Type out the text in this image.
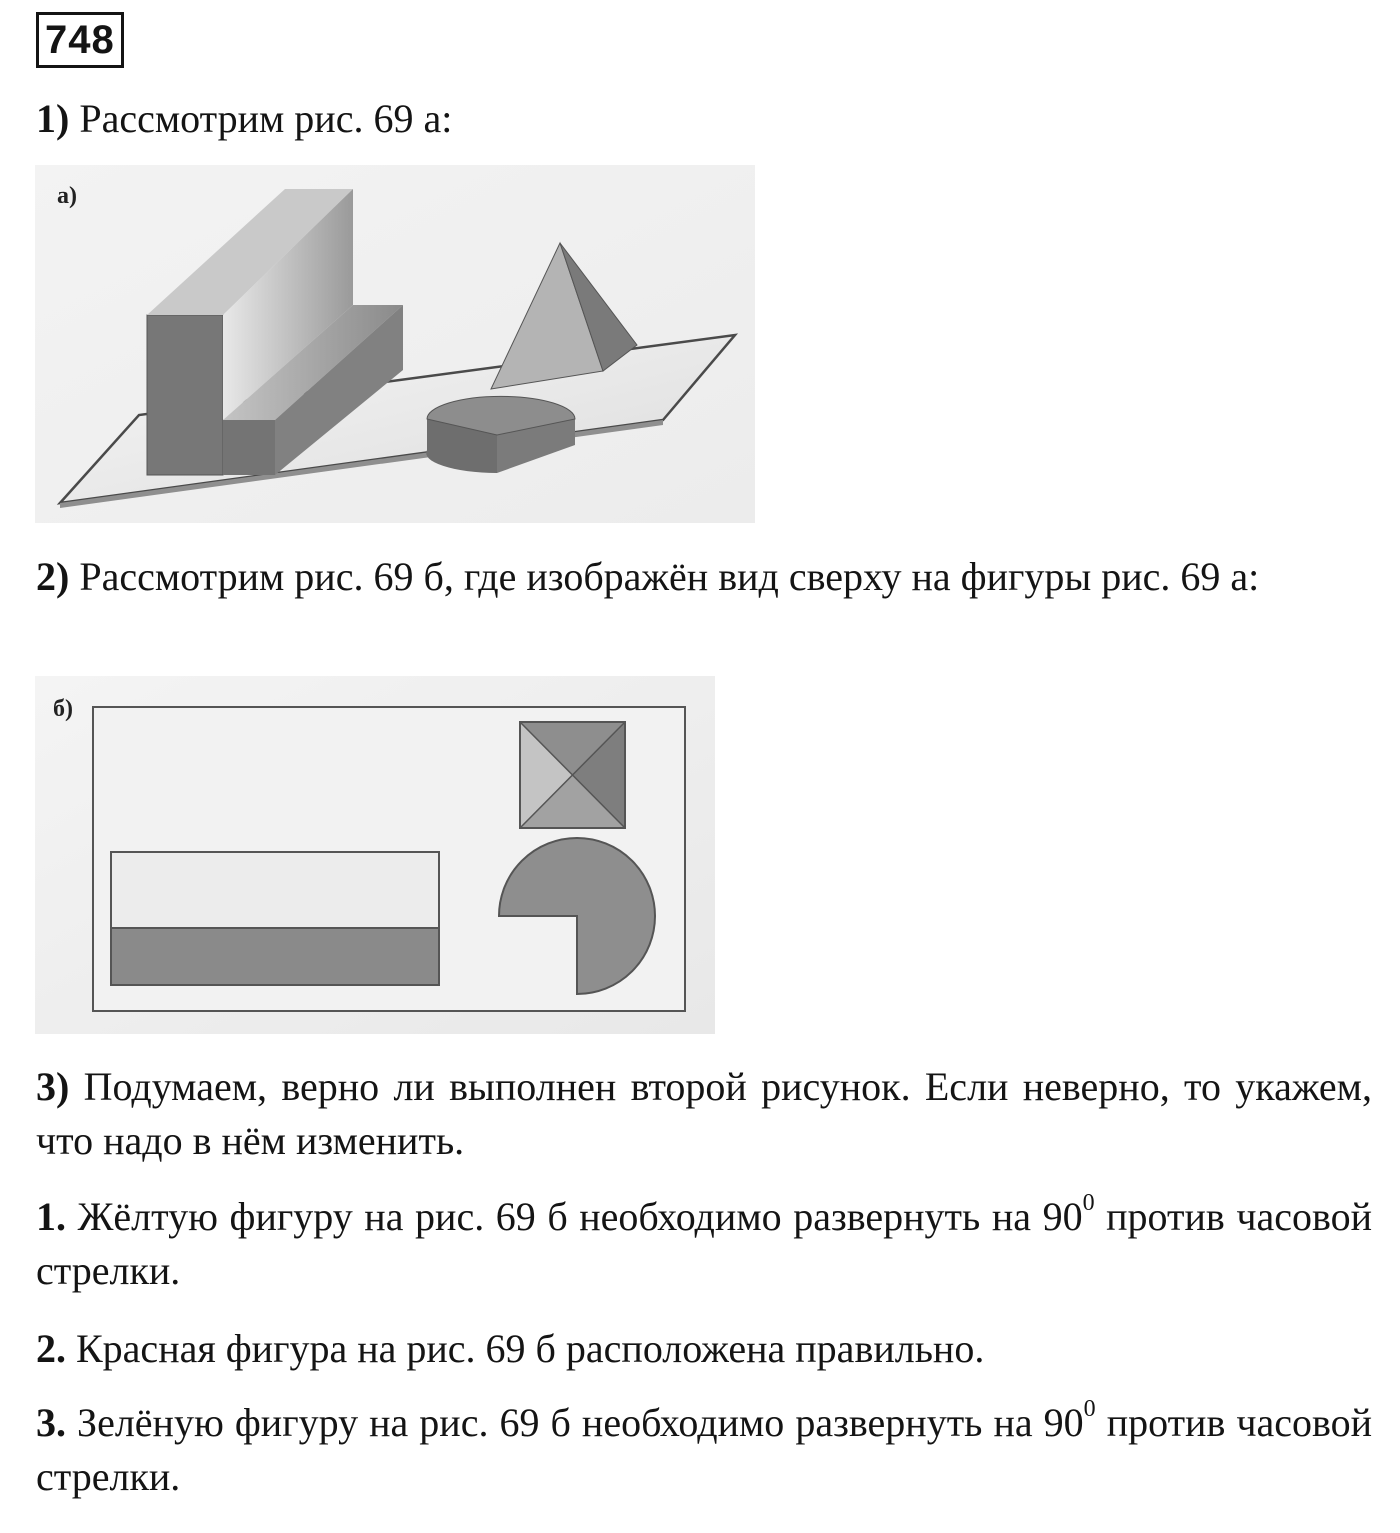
748

1) Рассмотрим рис. 69 а:

а)

2) Рассмотрим рис. 69 б, где изображён вид сверху на фигуры рис. 69 а:

б)

3) Подумаем, верно ли выполнен второй рисунок. Если неверно, то укажем, что надо в нём изменить.

1. Жёлтую фигуру на рис. 69 б необходимо развернуть на $90^0$ против часовой стрелки.

2. Красная фигура на рис. 69 б расположена правильно.

3. Зелёную фигуру на рис. 69 б необходимо развернуть на $90^0$ против часовой стрелки.
